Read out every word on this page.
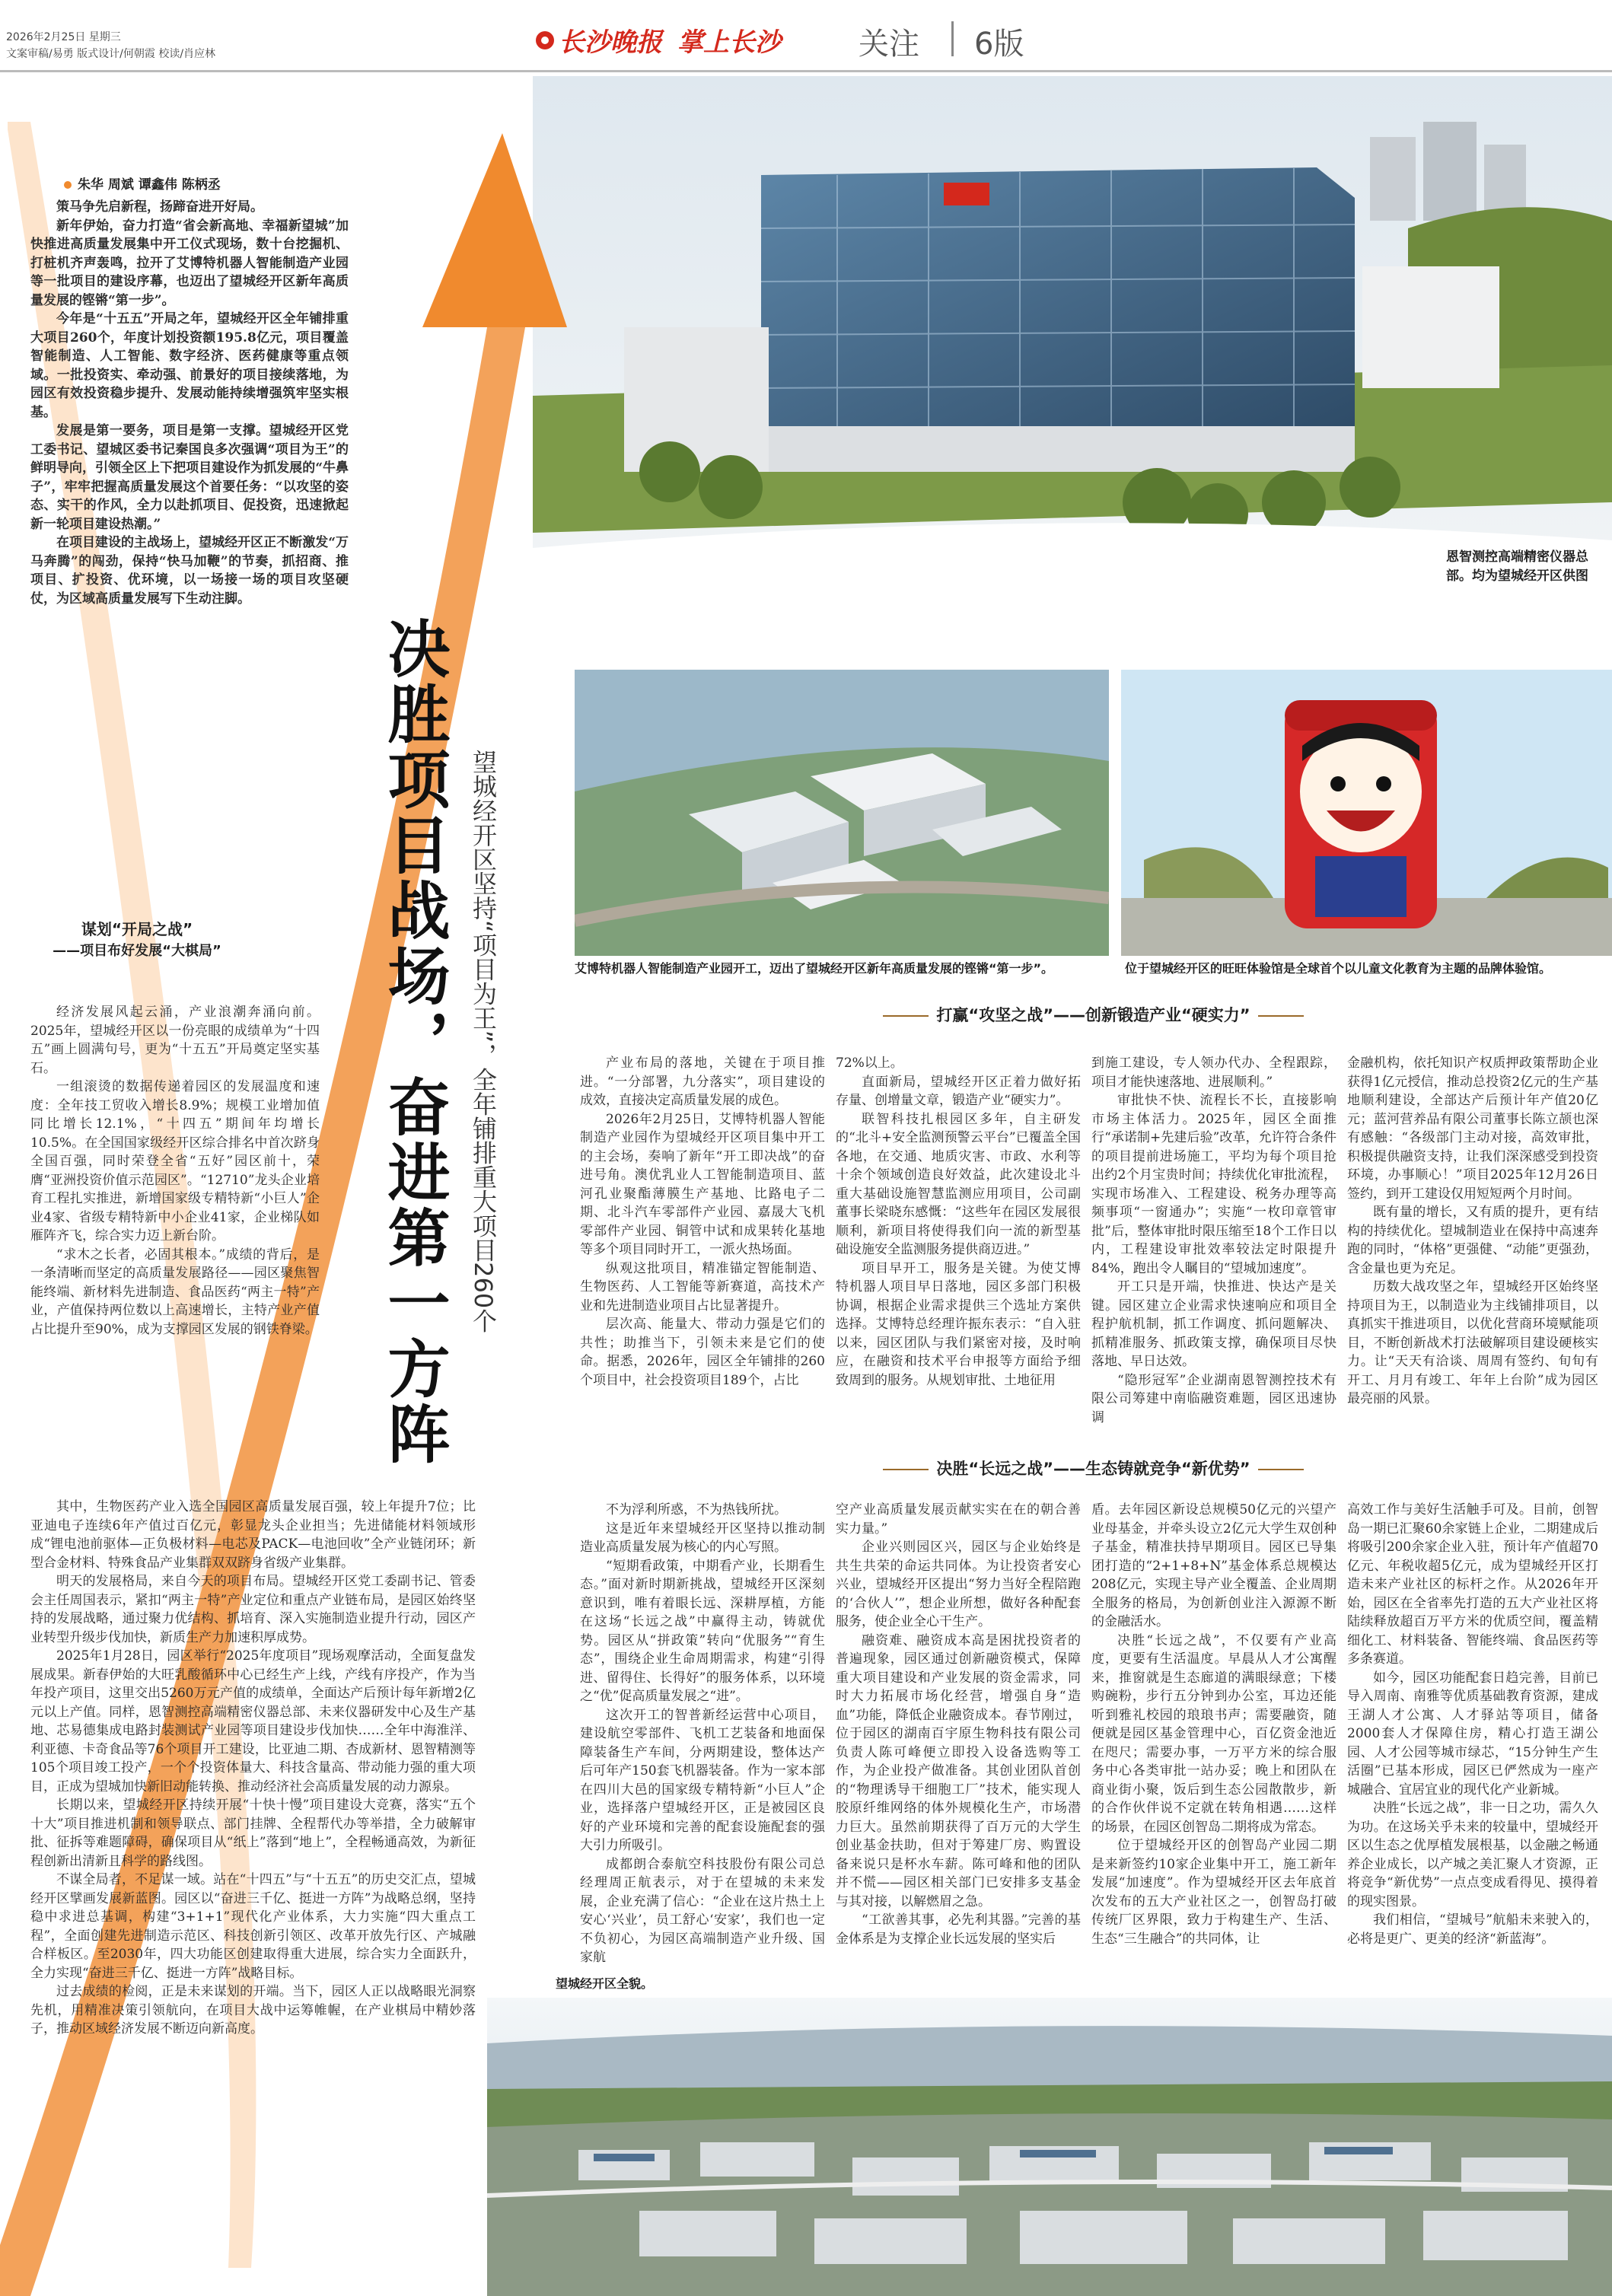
2026年2月25日 星期三
文案审稿/易勇 版式设计/何朝霞 校读/肖应林	长沙晚报 掌上长沙	关注 6版
恩智测控高端精密仪器总部。均为望城经开区供图
朱华 周斌 谭鑫伟 陈柄丞

策马争先启新程，扬蹄奋进开好局。

新年伊始，奋力打造“省会新高地、幸福新望城”加快推进高质量发展集中开工仪式现场，数十台挖掘机、打桩机齐声轰鸣，拉开了艾博特机器人智能制造产业园等一批项目的建设序幕，也迈出了望城经开区新年高质量发展的铿锵“第一步”。

今年是“十五五”开局之年，望城经开区全年铺排重大项目260个，年度计划投资额195.8亿元，项目覆盖智能制造、人工智能、数字经济、医药健康等重点领域。一批投资实、牵动强、前景好的项目接续落地，为园区有效投资稳步提升、发展动能持续增强筑牢坚实根基。

发展是第一要务，项目是第一支撑。望城经开区党工委书记、望城区委书记秦国良多次强调“项目为王”的鲜明导向，引领全区上下把项目建设作为抓发展的“牛鼻子”，牢牢把握高质量发展这个首要任务：“以攻坚的姿态、实干的作风，全力以赴抓项目、促投资，迅速掀起新一轮项目建设热潮。”

在项目建设的主战场上，望城经开区正不断激发“万马奔腾”的闯劲，保持“快马加鞭”的节奏，抓招商、推项目、扩投资、优环境，以一场接一场的项目攻坚硬仗，为区域高质量发展写下生动注脚。

决胜项目战场，奋进第一方阵 望城经开区坚持“项目为王”，全年铺排重大项目260个	艾博特机器人智能制造产业园开工，迈出了望城经开区新年高质量发展的铿锵“第一步”。	位于望城经开区的旺旺体验馆是全球首个以儿童文化教育为主题的品牌体验馆。
谋划“开局之战”
——项目布好发展“大棋局”

经济发展风起云涌，产业浪潮奔涌向前。2025年，望城经开区以一份亮眼的成绩单为“十四五”画上圆满句号，更为“十五五”开局奠定坚实基石。

一组滚烫的数据传递着园区的发展温度和速度：全年技工贸收入增长8.9%；规模工业增加值同比增长12.1%，“十四五”期间年均增长10.5%。在全国国家级经开区综合排名中首次跻身全国百强，同时荣登全省“五好”园区前十，荣膺“亚洲投资价值示范园区”。“12710”龙头企业培育工程扎实推进，新增国家级专精特新“小巨人”企业4家、省级专精特新中小企业41家，企业梯队如雁阵齐飞，综合实力迈上新台阶。

“求木之长者，必固其根本。”成绩的背后，是一条清晰而坚定的高质量发展路径——园区聚焦智能终端、新材料先进制造、食品医药“两主一特”产业，产值保持两位数以上高速增长，主特产业产值占比提升至90%，成为支撑园区发展的钢铁脊梁。

其中，生物医药产业入选全国园区高质量发展百强，较上年提升7位；比亚迪电子连续6年产值过百亿元，彰显龙头企业担当；先进储能材料领域形成“锂电池前驱体—正负极材料—电芯及PACK—电池回收”全产业链闭环；新型合金材料、特殊食品产业集群双双跻身省级产业集群。

明天的发展格局，来自今天的项目布局。望城经开区党工委副书记、管委会主任周国表示，紧扣“两主一特”产业定位和重点产业链布局，是园区始终坚持的发展战略，通过聚力优结构、抓培育、深入实施制造业提升行动，园区产业转型升级步伐加快，新质生产力加速积厚成势。

2025年1月28日，园区举行“2025年度项目”现场观摩活动，全面复盘发展成果。新春伊始的大旺乳酸循环中心已经生产上线，产线有序投产，作为当年投产项目，这里交出5260万元产值的成绩单，全面达产后预计每年新增2亿元以上产值。同样，恩智测控高端精密仪器总部、未来仪器研发中心及生产基地、芯易德集成电路封装测试产业园等项目建设步伐加快……全年中海淮洋、利亚德、卡奇食品等76个项目开工建设，比亚迪二期、杏成新材、恩智精测等105个项目竣工投产，一个个投资体量大、科技含量高、带动能力强的重大项目，正成为望城加快新旧动能转换、推动经济社会高质量发展的动力源泉。

长期以来，望城经开区持续开展“十快十慢”项目建设大竞赛，落实“五个十大”项目推进机制和领导联点、部门挂牌、全程帮代办等举措，全力破解审批、征拆等难题障碍，确保项目从“纸上”落到“地上”，全程畅通高效，为新征程创新出清新且科学的路线图。

不谋全局者，不足谋一域。站在“十四五”与“十五五”的历史交汇点，望城经开区擘画发展新蓝图。园区以“奋进三千亿、挺进一方阵”为战略总纲，坚持稳中求进总基调，构建“3+1+1”现代化产业体系，大力实施“四大重点工程”，全面创建先进制造示范区、科技创新引领区、改革开放先行区、产城融合样板区。至2030年，四大功能区创建取得重大进展，综合实力全面跃升，全力实现“奋进三千亿、挺进一方阵”战略目标。

过去成绩的检阅，正是未来谋划的开端。当下，园区人正以战略眼光洞察先机，用精准决策引领航向，在项目大战中运筹帷幄，在产业棋局中精妙落子，推动区域经济发展不断迈向新高度。

打赢“攻坚之战”——创新锻造产业“硬实力”

产业布局的落地，关键在于项目推进。“一分部署，九分落实”，项目建设的成效，直接决定高质量发展的成色。

2026年2月25日，艾博特机器人智能制造产业园作为望城经开区项目集中开工的主会场，奏响了新年“开工即决战”的奋进号角。澳优乳业人工智能制造项目、蓝河孔业聚酯薄膜生产基地、比路电子二期、北斗汽车零部件产业园、嘉晟大飞机零部件产业园、铜管中试和成果转化基地等多个项目同时开工，一派火热场面。

纵观这批项目，精准锚定智能制造、生物医药、人工智能等新赛道，高技术产业和先进制造业项目占比显著提升。

层次高、能量大、带动力强是它们的共性；助推当下，引领未来是它们的使命。据悉，2026年，园区全年铺排的260个项目中，社会投资项目189个，占比

72%以上。

直面新局，望城经开区正着力做好拓存量、创增量文章，锻造产业“硬实力”。

联智科技扎根园区多年，自主研发的“北斗+安全监测预警云平台”已覆盖全国各地，在交通、地质灾害、市政、水利等十余个领域创造良好效益，此次建设北斗重大基础设施智慧监测应用项目，公司副董事长梁晓东感慨：“这些年在园区发展很顺利，新项目将使得我们向一流的新型基础设施安全监测服务提供商迈进。”

项目早开工，服务是关键。为使艾博特机器人项目早日落地，园区多部门积极协调，根据企业需求提供三个选址方案供选择。艾博特总经理许振东表示：“自入驻以来，园区团队与我们紧密对接，及时响应，在融资和技术平台申报等方面给予细致周到的服务。从规划审批、土地征用

到施工建设，专人领办代办、全程跟踪，项目才能快速落地、进展顺利。”

审批快不快、流程长不长，直接影响市场主体活力。2025年，园区全面推行“承诺制+先建后验”改革，允许符合条件的项目提前进场施工，平均为每个项目抢出约2个月宝贵时间；持续优化审批流程，实现市场准入、工程建设、税务办理等高频事项“一窗通办”；实施“一枚印章管审批”后，整体审批时限压缩至18个工作日以内，工程建设审批效率较法定时限提升84%，跑出令人瞩目的“望城加速度”。

开工只是开端，快推进、快达产是关键。园区建立企业需求快速响应和项目全程护航机制，抓工作调度、抓问题解决、抓精准服务、抓政策支撑，确保项目尽快落地、早日达效。

“隐形冠军”企业湖南恩智测控技术有限公司筹建中南临融资难题，园区迅速协调

金融机构，依托知识产权质押政策帮助企业获得1亿元授信，推动总投资2亿元的生产基地顺利建设，全部达产后预计年产值20亿元；蓝河营养品有限公司董事长陈立颉也深有感触：“各级部门主动对接，高效审批，积极提供融资支持，让我们深深感受到投资环境，办事顺心！”项目2025年12月26日签约，到开工建设仅用短短两个月时间。

既有量的增长，又有质的提升，更有结构的持续优化。望城制造业在保持中高速奔跑的同时，“体格”更强健、“动能”更强劲，含金量也更为充足。

历数大战攻坚之年，望城经开区始终坚持项目为王，以制造业为主线铺排项目，以真抓实干推进项目，以优化营商环境赋能项目，不断创新战术打法破解项目建设硬核实力。让“天天有洽谈、周周有签约、旬旬有开工、月月有竣工、年年上台阶”成为园区最亮丽的风景。

决胜“长远之战”——生态铸就竞争“新优势”

不为浮利所惑，不为热钱所扰。

这是近年来望城经开区坚持以推动制造业高质量发展为核心的内心写照。

“短期看政策，中期看产业，长期看生态。”面对新时期新挑战，望城经开区深刻意识到，唯有着眼长远、深耕厚植，方能在这场“长远之战”中赢得主动，铸就优势。园区从“拼政策”转向“优服务”“育生态”，围绕企业生命周期需求，构建“引得进、留得住、长得好”的服务体系，以环境之“优”促高质量发展之“进”。

这次开工的智普新经运营中心项目，建设航空零部件、飞机工艺装备和地面保障装备生产车间，分两期建设，整体达产后可年产150套飞机器装备。作为一家本部在四川大邑的国家级专精特新“小巨人”企业，选择落户望城经开区，正是被园区良好的产业环境和完善的配套设施配套的强大引力所吸引。

成都朗合泰航空科技股份有限公司总经理周正航表示，对于在望城的未来发展，企业充满了信心：“企业在这片热土上安心‘兴业’，员工舒心‘安家’，我们也一定不负初心，为园区高端制造产业升级、国家航

空产业高质量发展贡献实实在在的朝合善实力量。”

企业兴则园区兴，园区与企业始终是共生共荣的命运共同体。为让投资者安心兴业，望城经开区提出“努力当好全程陪跑的‘合伙人’”，想企业所想，做好各种配套服务，使企业全心干生产。

融资难、融资成本高是困扰投资者的普遍现象，园区通过创新融资模式，保障重大项目建设和产业发展的资金需求，同时大力拓展市场化经营，增强自身“造血”功能，降低企业融资成本。春节刚过，位于园区的湖南百宇原生物科技有限公司负责人陈可峰便立即投入设备选购等工作，为企业投产做准备。其创业团队首创的“物理诱导干细胞工厂”技术，能实现人胶原纤维网络的体外规模化生产，市场潜力巨大。虽然前期获得了百万元的大学生创业基金扶助，但对于筹建厂房、购置设备来说只是杯水车薪。陈可峰和他的团队并不慌——园区相关部门已安排多支基金与其对接，以解燃眉之急。

“工欲善其事，必先利其器。”完善的基金体系是为支撑企业长远发展的坚实后

盾。去年园区新设总规模50亿元的兴望产业母基金，并牵头设立2亿元大学生双创种子基金，精准扶持早期项目。园区已导集团打造的“2+1+8+N”基金体系总规模达208亿元，实现主导产业全覆盖、企业周期全服务的格局，为创新创业注入源源不断的金融活水。

决胜“长远之战”，不仅要有产业高度，更要有生活温度。早晨从人才公寓醒来，推窗就是生态廊道的满眼绿意；下楼购碗粉，步行五分钟到办公室，耳边还能听到雅礼校园的琅琅书声；需要融资，随便就是园区基金管理中心，百亿资金池近在咫尺；需要办事，一万平方米的综合服务中心各类审批一站办妥；晚上和团队在商业街小聚，饭后到生态公园散散步，新的合作伙伴说不定就在转角相遇……这样的场景，在园区创智岛二期将成为常态。

位于望城经开区的创智岛产业园二期是来新签约10家企业集中开工，施工新年发展“加速度”。作为望城经开区去年底首次发布的五大产业社区之一，创智岛打破传统厂区界限，致力于构建生产、生活、生态“三生融合”的共同体，让

高效工作与美好生活触手可及。目前，创智岛一期已汇聚60余家链上企业，二期建成后将吸引200余家企业入驻，预计年产值超70亿元、年税收超5亿元，成为望城经开区打造未来产业社区的标杆之作。从2026年开始，园区在全省率先打造的五大产业社区将陆续释放超百万平方米的优质空间，覆盖精细化工、材料装备、智能终端、食品医药等多条赛道。

如今，园区功能配套日趋完善，目前已导入周南、南雅等优质基础教育资源，建成王湖人才公寓、人才驿站等项目，储备2000套人才保障住房，精心打造王湖公园、人才公园等城市绿芯，“15分钟生产生活圈”已基本形成，园区已俨然成为一座产城融合、宜居宜业的现代化产业新城。

决胜“长远之战”，非一日之功，需久久为功。在这场关乎未来的较量中，望城经开区以生态之优厚植发展根基，以金融之畅通养企业成长，以产城之美汇聚人才资源，正将竞争“新优势”一点点变成看得见、摸得着的现实图景。

我们相信，“望城号”航船未来驶入的，必将是更广、更美的经济“新蓝海”。

望城经开区全貌。
